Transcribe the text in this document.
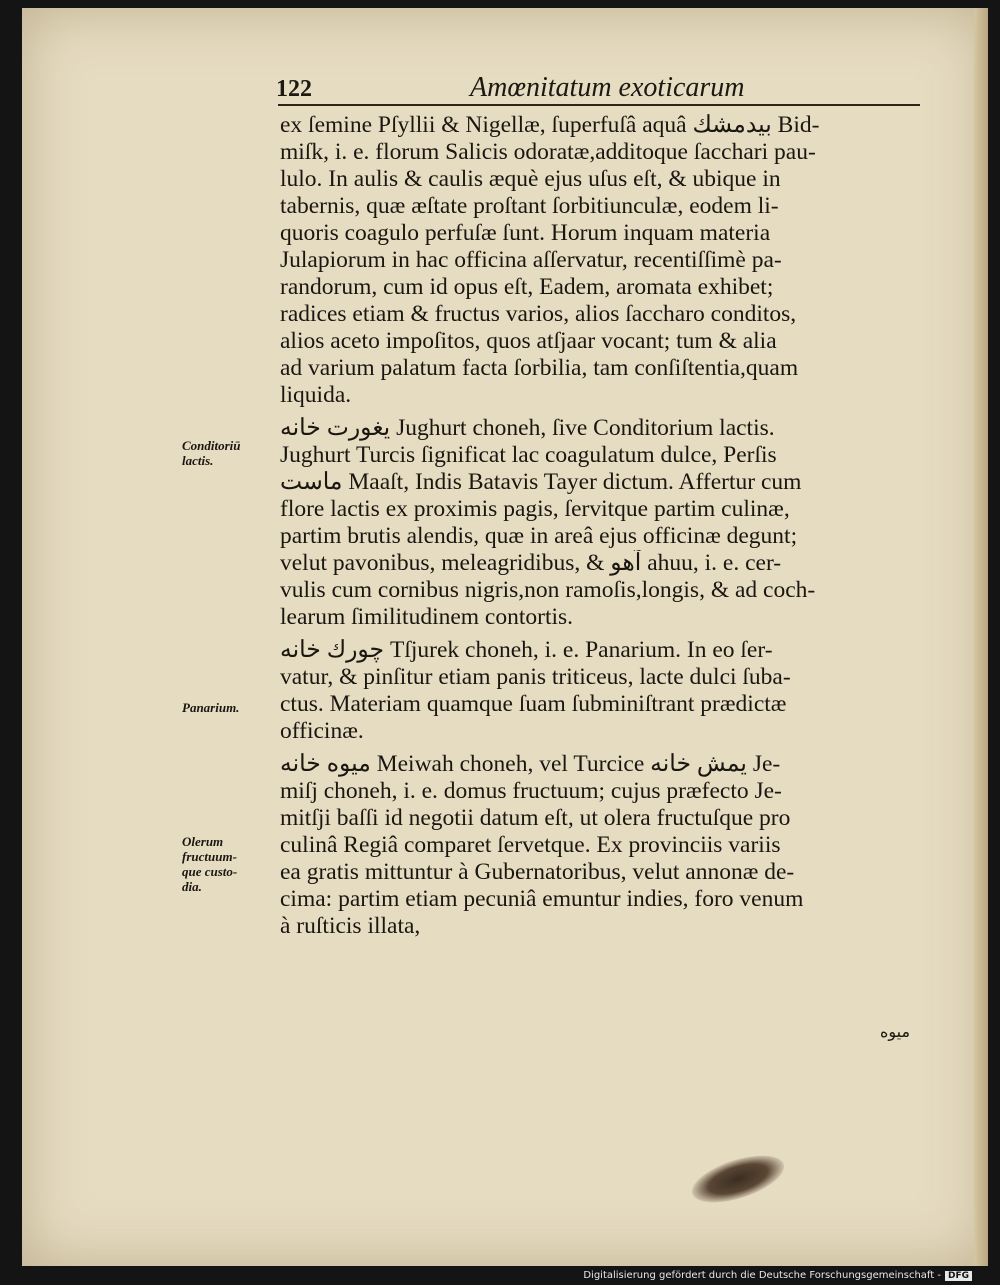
122	Amœnitatum exoticarum
Conditoriū
lactis.
Panarium.
Olerum
fructuum-
que custo-
dia.
ex ſemine Pſyllii & Nigellæ, ſuperfuſâ aquâ بيدمشك Bid-
miſk, i. e. florum Salicis odoratæ,additoque ſacchari pau-
lulo. In aulis & caulis æquè ejus uſus eſt, & ubique in
tabernis, quæ æſtate proſtant ſorbitiunculæ, eodem li-
quoris coagulo perfuſæ ſunt. Horum inquam materia
Julapiorum in hac officina aſſervatur, recentiſſimè pa-
randorum, cum id opus eſt, Eadem, aromata exhibet;
radices etiam & fructus varios, alios ſaccharo conditos,
alios aceto impoſitos, quos atſjaar vocant; tum & alia
ad varium palatum facta ſorbilia, tam conſiſtentia,quam
liquida.
يغورت خانه Jughurt choneh, ſive Conditorium lactis.
Jughurt Turcis ſignificat lac coagulatum dulce, Perſis
ماست Maaſt, Indis Batavis Tayer dictum. Affertur cum
flore lactis ex proximis pagis, ſervitque partim culinæ,
partim brutis alendis, quæ in areâ ejus officinæ degunt;
velut pavonibus, meleagridibus, & آهو ahuu, i. e. cer-
vulis cum cornibus nigris,non ramoſis,longis, & ad coch-
learum ſimilitudinem contortis.
چورك خانه Tſjurek choneh, i. e. Panarium. In eo ſer-
vatur, & pinſitur etiam panis triticeus, lacte dulci ſuba-
ctus. Materiam quamque ſuam ſubminiſtrant prædictæ
officinæ.
ميوه خانه Meiwah choneh, vel Turcice يمش خانه Je-
miſj choneh, i. e. domus fructuum; cujus præfecto Je-
mitſji baſſi id negotii datum eſt, ut olera fructuſque pro
culinâ Regiâ comparet ſervetque. Ex provinciis variis
ea gratis mittuntur à Gubernatoribus, velut annonæ de-
cima: partim etiam pecuniâ emuntur indies, foro venum
à ruſticis illata,
ميوه
Digitalisierung gefördert durch die Deutsche Forschungsgemeinschaft - DFG
